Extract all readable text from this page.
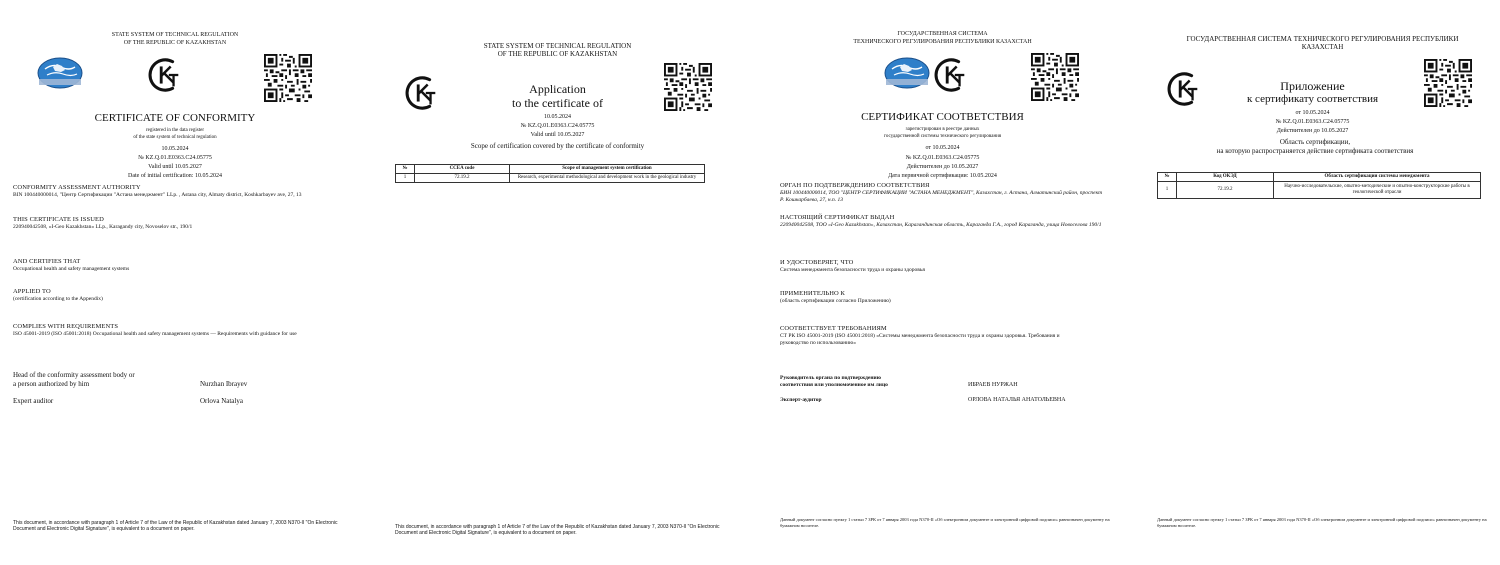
STATE SYSTEM OF TECHNICAL REGULATION
OF THE REPUBLIC OF KAZAKHSTAN
CERTIFICATE OF CONFORMITY
registered in the data register
of the state system of technical regulation
10.05.2024
№ KZ.Q.01.E0363.C24.05775
Valid until 10.05.2027
Date of initial certification: 10.05.2024
CONFORMITY ASSESSMENT AUTHORITY
BIN 100440000014, "Центр Сертификации "Астана менеджмент" LLp. , Astana city, Almaty district, Koshkarbayev ave, 27, 13
THIS CERTIFICATE IS ISSUED
220940042508, «I-Geo Kazakhstan» LLp., Karagandy city, Novoselov str., 190/1
AND CERTIFIES THAT
Occupational health and safety management systems
APPLIED TO
(certification according to the Appendix)
COMPLIES WITH REQUIREMENTS
ISO 45001-2019 (ISO 45001:2018) Occupational health and safety management systems — Requirements with guidance for use
Head of the conformity assessment body or
a person authorized by him	Nurzhan Ibrayev
Expert auditor	Orlova Natalya
This document, in accordance with paragraph 1 of Article 7 of the Law of the Republic of Kazakhstan dated January 7, 2003 N370-II "On Electronic Document and Electronic Digital Signature", is equivalent to a document on paper.
STATE SYSTEM OF TECHNICAL REGULATION
OF THE REPUBLIC OF KAZAKHSTAN
Application
to the certificate of
10.05.2024
№ KZ.Q.01.E0363.C24.05775
Valid until 10.05.2027
Scope of certification covered by the certificate of conformity
№	CCEA code	Scope of management system certification
1	72.19.2	Research, experimental methodological and development work in the geological industry
This document, in accordance with paragraph 1 of Article 7 of the Law of the Republic of Kazakhstan dated January 7, 2003 N370-II "On Electronic Document and Electronic Digital Signature", is equivalent to a document on paper.
ГОСУДАРСТВЕННАЯ СИСТЕМА
ТЕХНИЧЕСКОГО РЕГУЛИРОВАНИЯ РЕСПУБЛИКИ КАЗАХСТАН
СЕРТИФИКАТ СООТВЕТСТВИЯ
зарегистрирован в реестре данных
государственной системы технического регулирования
от 10.05.2024
№ KZ.Q.01.E0363.C24.05775
Действителен до 10.05.2027
Дата первичной сертификации: 10.05.2024
ОРГАН ПО ПОДТВЕРЖДЕНИЮ СООТВЕТСТВИЯ
БИН 100440000014, ТОО "ЦЕНТР СЕРТИФИКАЦИИ "АСТАНА МЕНЕДЖМЕНТ", Казахстан, г. Астана, Алматинский район, проспект Р. Кошкарбаева, 27, н.п. 13
НАСТОЯЩИЙ СЕРТИФИКАТ ВЫДАН
220940042508, ТОО «I-Geo Kazakhstan», Казахстан, Карагандинская область, Караганда Г.А., город Караганда, улица Новоселова 190/1
И УДОСТОВЕРЯЕТ, ЧТО
Система менеджмента безопасности труда и охраны здоровья
ПРИМЕНИТЕЛЬНО К
(область сертификации согласно Приложению)
СООТВЕТСТВУЕТ ТРЕБОВАНИЯМ
СТ РК ISO 45001-2019 (ISO 45001:2018) «Системы менеджмента безопасности труда и охраны здоровья. Требования и руководство по использованию»
Руководитель органа по подтверждению
соответствия или уполномоченное им лицо	ИБРАЕВ НУРЖАН
Эксперт-аудитор	ОРЛОВА НАТАЛЬЯ АНАТОЛЬЕВНА
Данный документ согласно пункту 1 статьи 7 ЗРК от 7 января 2003 года N370-II «Об электронном документе и электронной цифровой подписи» равнозначен документу на бумажном носителе.
ГОСУДАРСТВЕННАЯ СИСТЕМА ТЕХНИЧЕСКОГО РЕГУЛИРОВАНИЯ РЕСПУБЛИКИ
КАЗАХСТАН
Приложение
к сертификату соответствия
от 10.05.2024
№ KZ.Q.01.E0363.C24.05775
Действителен до 10.05.2027
Область сертификации,
на которую распространяется действие сертификата соответствия
№	Код ОКЭД	Область сертификации системы менеджмента
1	72.19.2	Научно-исследовательские, опытно-методические и опытно-конструкторские работы в геологической отрасли
Данный документ согласно пункту 1 статьи 7 ЗРК от 7 января 2003 года N370-II «Об электронном документе и электронной цифровой подписи» равнозначен документу на бумажном носителе.
